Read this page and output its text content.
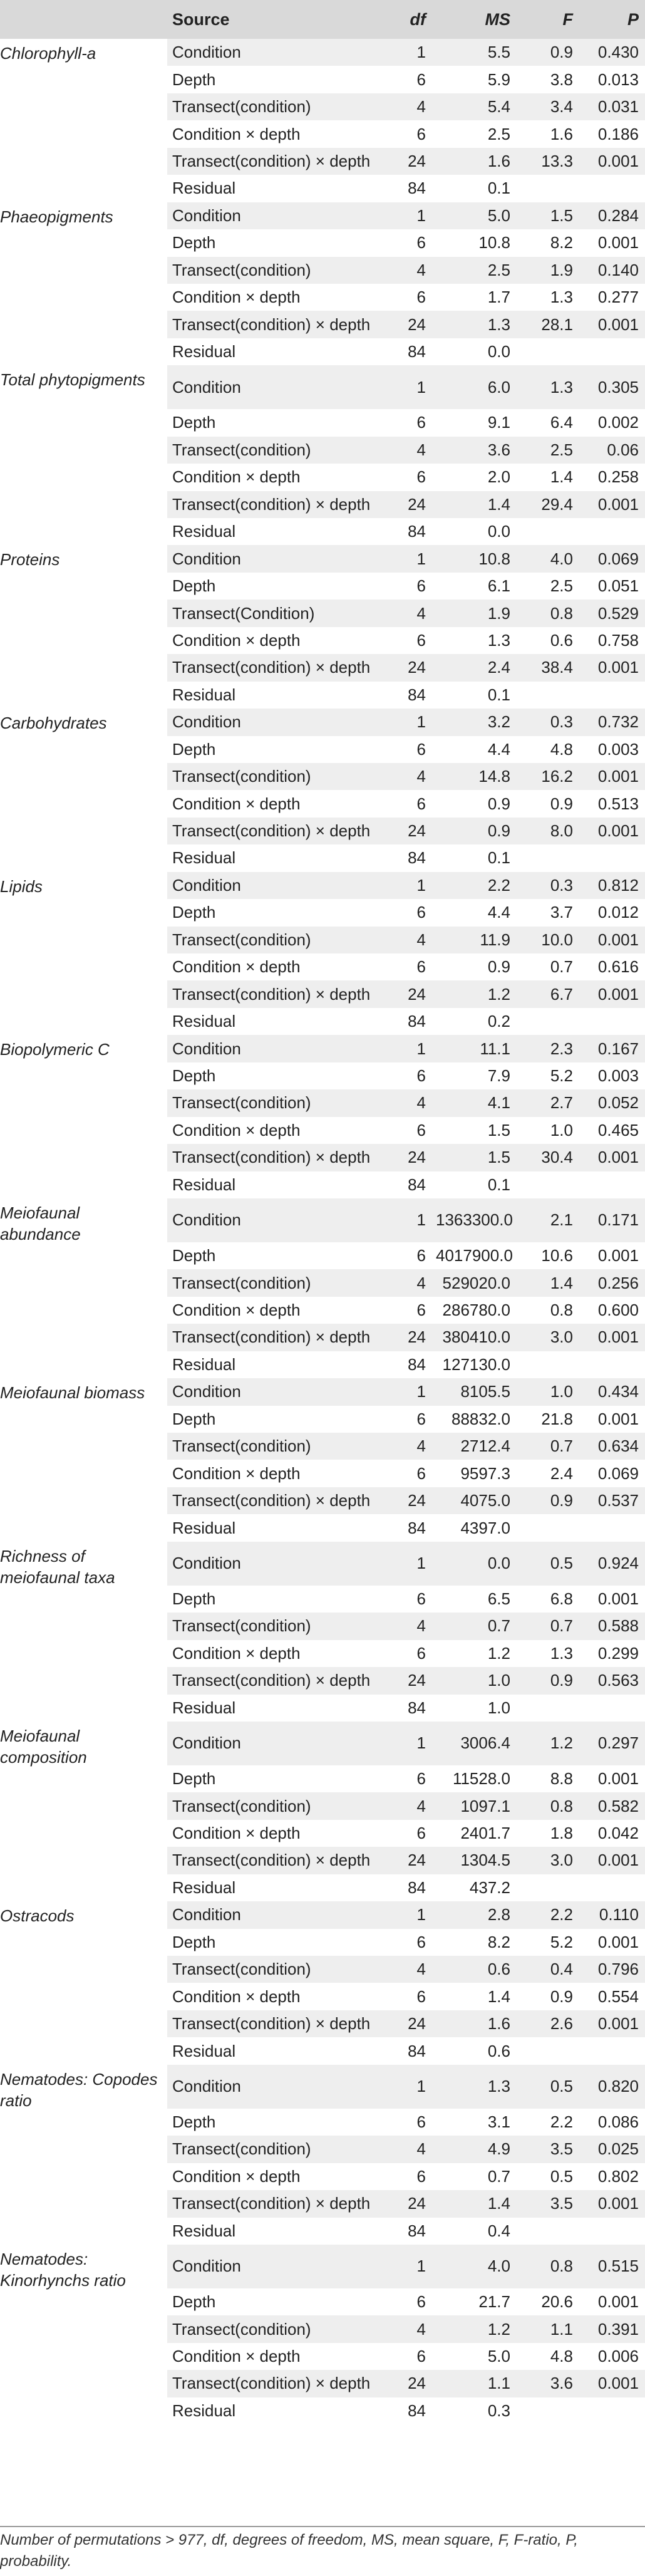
	Source	df	MS	F	P
Chlorophyll-a	Condition	1	5.5	0.9	0.430
	Depth	6	5.9	3.8	0.013
	Transect(condition)	4	5.4	3.4	0.031
	Condition × depth	6	2.5	1.6	0.186
	Transect(condition) × depth	24	1.6	13.3	0.001
	Residual	84	0.1		
Phaeopigments	Condition	1	5.0	1.5	0.284
	Depth	6	10.8	8.2	0.001
	Transect(condition)	4	2.5	1.9	0.140
	Condition × depth	6	1.7	1.3	0.277
	Transect(condition) × depth	24	1.3	28.1	0.001
	Residual	84	0.0		
Total phytopigments	Condition	1	6.0	1.3	0.305
	Depth	6	9.1	6.4	0.002
	Transect(condition)	4	3.6	2.5	0.06
	Condition × depth	6	2.0	1.4	0.258
	Transect(condition) × depth	24	1.4	29.4	0.001
	Residual	84	0.0		
Proteins	Condition	1	10.8	4.0	0.069
	Depth	6	6.1	2.5	0.051
	Transect(Condition)	4	1.9	0.8	0.529
	Condition × depth	6	1.3	0.6	0.758
	Transect(condition) × depth	24	2.4	38.4	0.001
	Residual	84	0.1		
Carbohydrates	Condition	1	3.2	0.3	0.732
	Depth	6	4.4	4.8	0.003
	Transect(condition)	4	14.8	16.2	0.001
	Condition × depth	6	0.9	0.9	0.513
	Transect(condition) × depth	24	0.9	8.0	0.001
	Residual	84	0.1		
Lipids	Condition	1	2.2	0.3	0.812
	Depth	6	4.4	3.7	0.012
	Transect(condition)	4	11.9	10.0	0.001
	Condition × depth	6	0.9	0.7	0.616
	Transect(condition) × depth	24	1.2	6.7	0.001
	Residual	84	0.2		
Biopolymeric C	Condition	1	11.1	2.3	0.167
	Depth	6	7.9	5.2	0.003
	Transect(condition)	4	4.1	2.7	0.052
	Condition × depth	6	1.5	1.0	0.465
	Transect(condition) × depth	24	1.5	30.4	0.001
	Residual	84	0.1		
Meiofaunal abundance	Condition	1	1363300.0	2.1	0.171
	Depth	6	4017900.0	10.6	0.001
	Transect(condition)	4	529020.0	1.4	0.256
	Condition × depth	6	286780.0	0.8	0.600
	Transect(condition) × depth	24	380410.0	3.0	0.001
	Residual	84	127130.0		
Meiofaunal biomass	Condition	1	8105.5	1.0	0.434
	Depth	6	88832.0	21.8	0.001
	Transect(condition)	4	2712.4	0.7	0.634
	Condition × depth	6	9597.3	2.4	0.069
	Transect(condition) × depth	24	4075.0	0.9	0.537
	Residual	84	4397.0		
Richness of meiofaunal taxa	Condition	1	0.0	0.5	0.924
	Depth	6	6.5	6.8	0.001
	Transect(condition)	4	0.7	0.7	0.588
	Condition × depth	6	1.2	1.3	0.299
	Transect(condition) × depth	24	1.0	0.9	0.563
	Residual	84	1.0		
Meiofaunal composition	Condition	1	3006.4	1.2	0.297
	Depth	6	11528.0	8.8	0.001
	Transect(condition)	4	1097.1	0.8	0.582
	Condition × depth	6	2401.7	1.8	0.042
	Transect(condition) × depth	24	1304.5	3.0	0.001
	Residual	84	437.2		
Ostracods	Condition	1	2.8	2.2	0.110
	Depth	6	8.2	5.2	0.001
	Transect(condition)	4	0.6	0.4	0.796
	Condition × depth	6	1.4	0.9	0.554
	Transect(condition) × depth	24	1.6	2.6	0.001
	Residual	84	0.6		
Nematodes: Copodes ratio	Condition	1	1.3	0.5	0.820
	Depth	6	3.1	2.2	0.086
	Transect(condition)	4	4.9	3.5	0.025
	Condition × depth	6	0.7	0.5	0.802
	Transect(condition) × depth	24	1.4	3.5	0.001
	Residual	84	0.4		
Nematodes: Kinorhynchs ratio	Condition	1	4.0	0.8	0.515
	Depth	6	21.7	20.6	0.001
	Transect(condition)	4	1.2	1.1	0.391
	Condition × depth	6	5.0	4.8	0.006
	Transect(condition) × depth	24	1.1	3.6	0.001
	Residual	84	0.3		
Number of permutations > 977, df, degrees of freedom, MS, mean square, F, F-ratio, P, probability.
